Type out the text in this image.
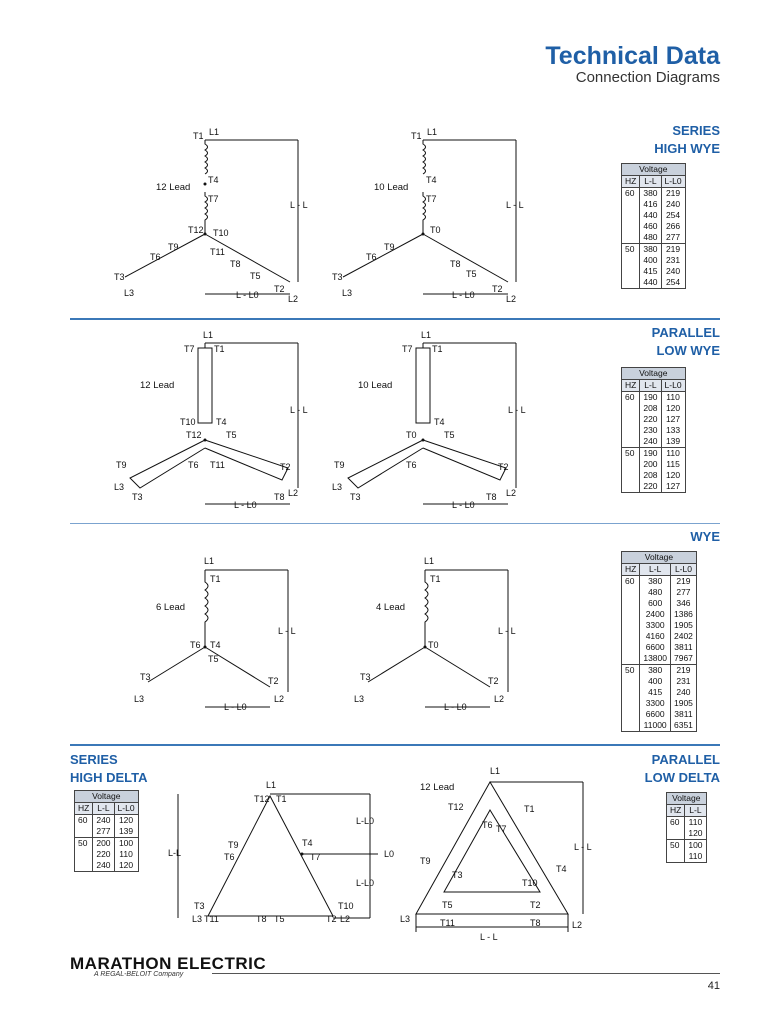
Technical Data
Connection Diagrams
SERIES
HIGH WYE
PARALLEL
LOW WYE
WYE
SERIES
HIGH DELTA
PARALLEL
LOW DELTA
Voltage		
HZ	L-L	L-L0
60	380	219
	416	240
	440	254
	460	266
	480	277
50	380	219
	400	231
	415	240
	440	254
Voltage		
HZ	L-L	L-L0
60	190	110
	208	120
	220	127
	230	133
	240	139
50	190	110
	200	115
	208	120
	220	127
Voltage		
HZ	L-L	L-L0
60	380	219
	480	277
	600	346
	2400	1386
	3300	1905
	4160	2402
	6600	3811
	13800	7967
50	380	219
	400	231
	415	240
	3300	1905
	6600	3811
	11000	6351
Voltage		
HZ	L-L	L-L0
60	240	120
	277	139
50	200	100
	220	110
	240	120
Voltage	
HZ	L-L
60	110
	120
50	100
	110
12 Lead
T1 L1
T4
T7
T12 T10
T11
T8
T5
T2
T9
T6
T3
L3
L2
L - L
L - L0
10 Lead
T1 L1
T4
T7
T0
T8
T5
T2
T9
T6
T3
L3
L2
L - L
L - L0
12 Lead
T7 T1
L1
T10 T4
T12	T5
T6 T11
T9
T3
T2
T8
L3
L2
L - L
L - L0
10 Lead
T7 T1
L1
T0
T4
T5
T6
T9
T3
T2
T8
L3
L2
L - L
L - L0
6 Lead
L1
T1
T6 T4
T5
T3	T2
L3	L2
L - L
L - L0
4 Lead
L1
T1
T0
T3	T2
L3	L2
L - L
L - L0
L1
T12 T1
T9
T6
T4
T7
T3
T11	T8 T5	T2
T10
L3	L2
L0
L-L
L-L0
L-L0
12 Lead
L1
T12
T6 T7
T1
T9
T3
T10
T4
T5
T11
T2
T8
L3
L2
L - L
L - L
MARATHON ELECTRIC
A REGAL-BELOIT Company
41
